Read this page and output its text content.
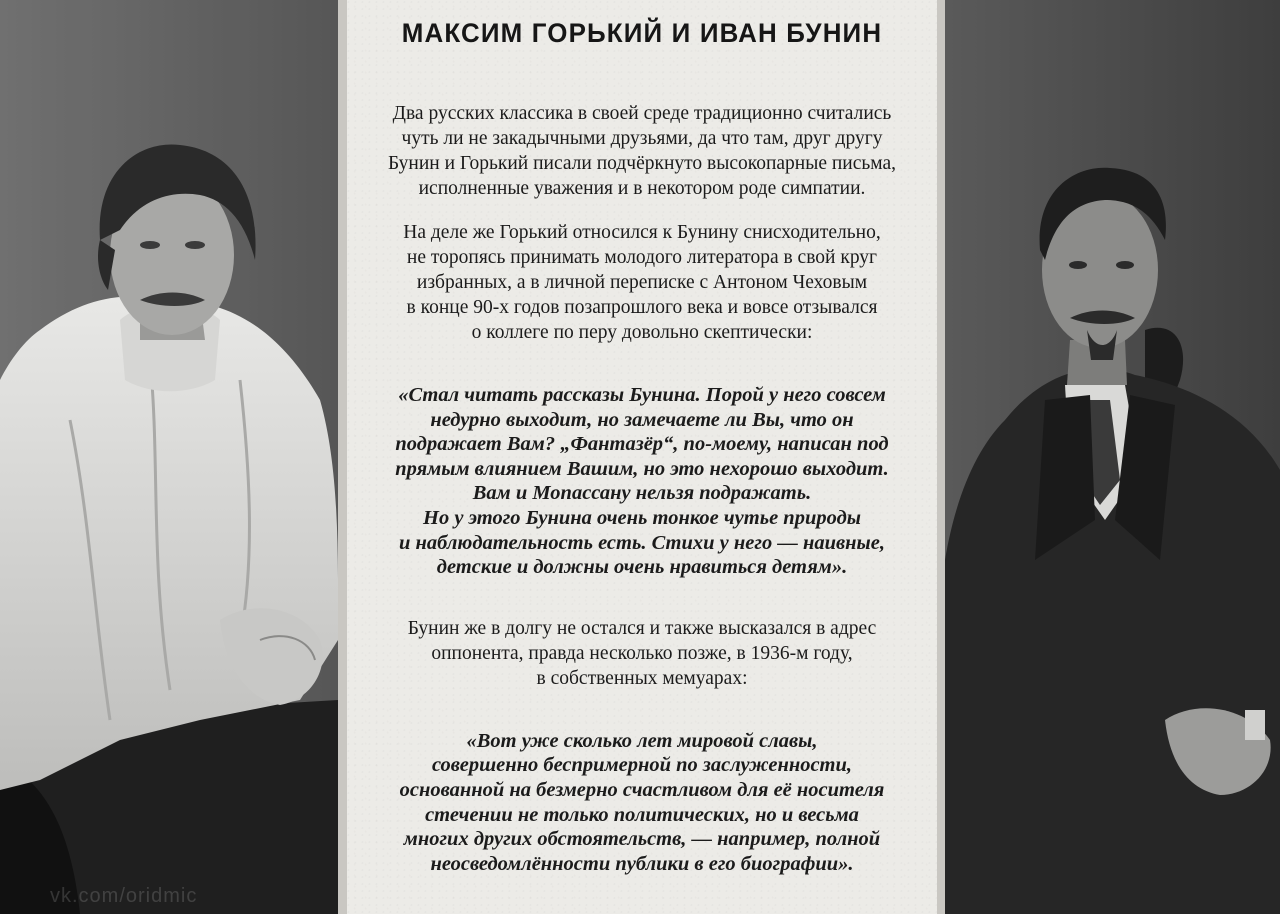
vk.com/oridmic
МАКСИМ ГОРЬКИЙ И ИВАН БУНИН

Два русских классика в своей среде традиционно считались
чуть ли не закадычными друзьями, да что там, друг другу
Бунин и Горький писали подчёркнуто высокопарные письма,
исполненные уважения и в некотором роде симпатии.

На деле же Горький относился к Бунину снисходительно,
не торопясь принимать молодого литератора в свой круг
избранных, а в личной переписке с Антоном Чеховым
в конце 90-х годов позапрошлого века и вовсе отзывался
о коллеге по перу довольно скептически:

«Стал читать рассказы Бунина. Порой у него совсем
недурно выходит, но замечаете ли Вы, что он
подражает Вам? „Фантазёр“, по-моему, написан под
прямым влиянием Вашим, но это нехорошо выходит.
Вам и Мопассану нельзя подражать.
Но у этого Бунина очень тонкое чутье природы
и наблюдательность есть. Стихи у него — наивные,
детские и должны очень нравиться детям».

Бунин же в долгу не остался и также высказался в адрес
оппонента, правда несколько позже, в 1936-м году,
в собственных мемуарах:

«Вот уже сколько лет мировой славы,
совершенно беспримерной по заслуженности,
основанной на безмерно счастливом для её носителя
стечении не только политических, но и весьма
многих других обстоятельств, — например, полной
неосведомлённости публики в его биографии».
